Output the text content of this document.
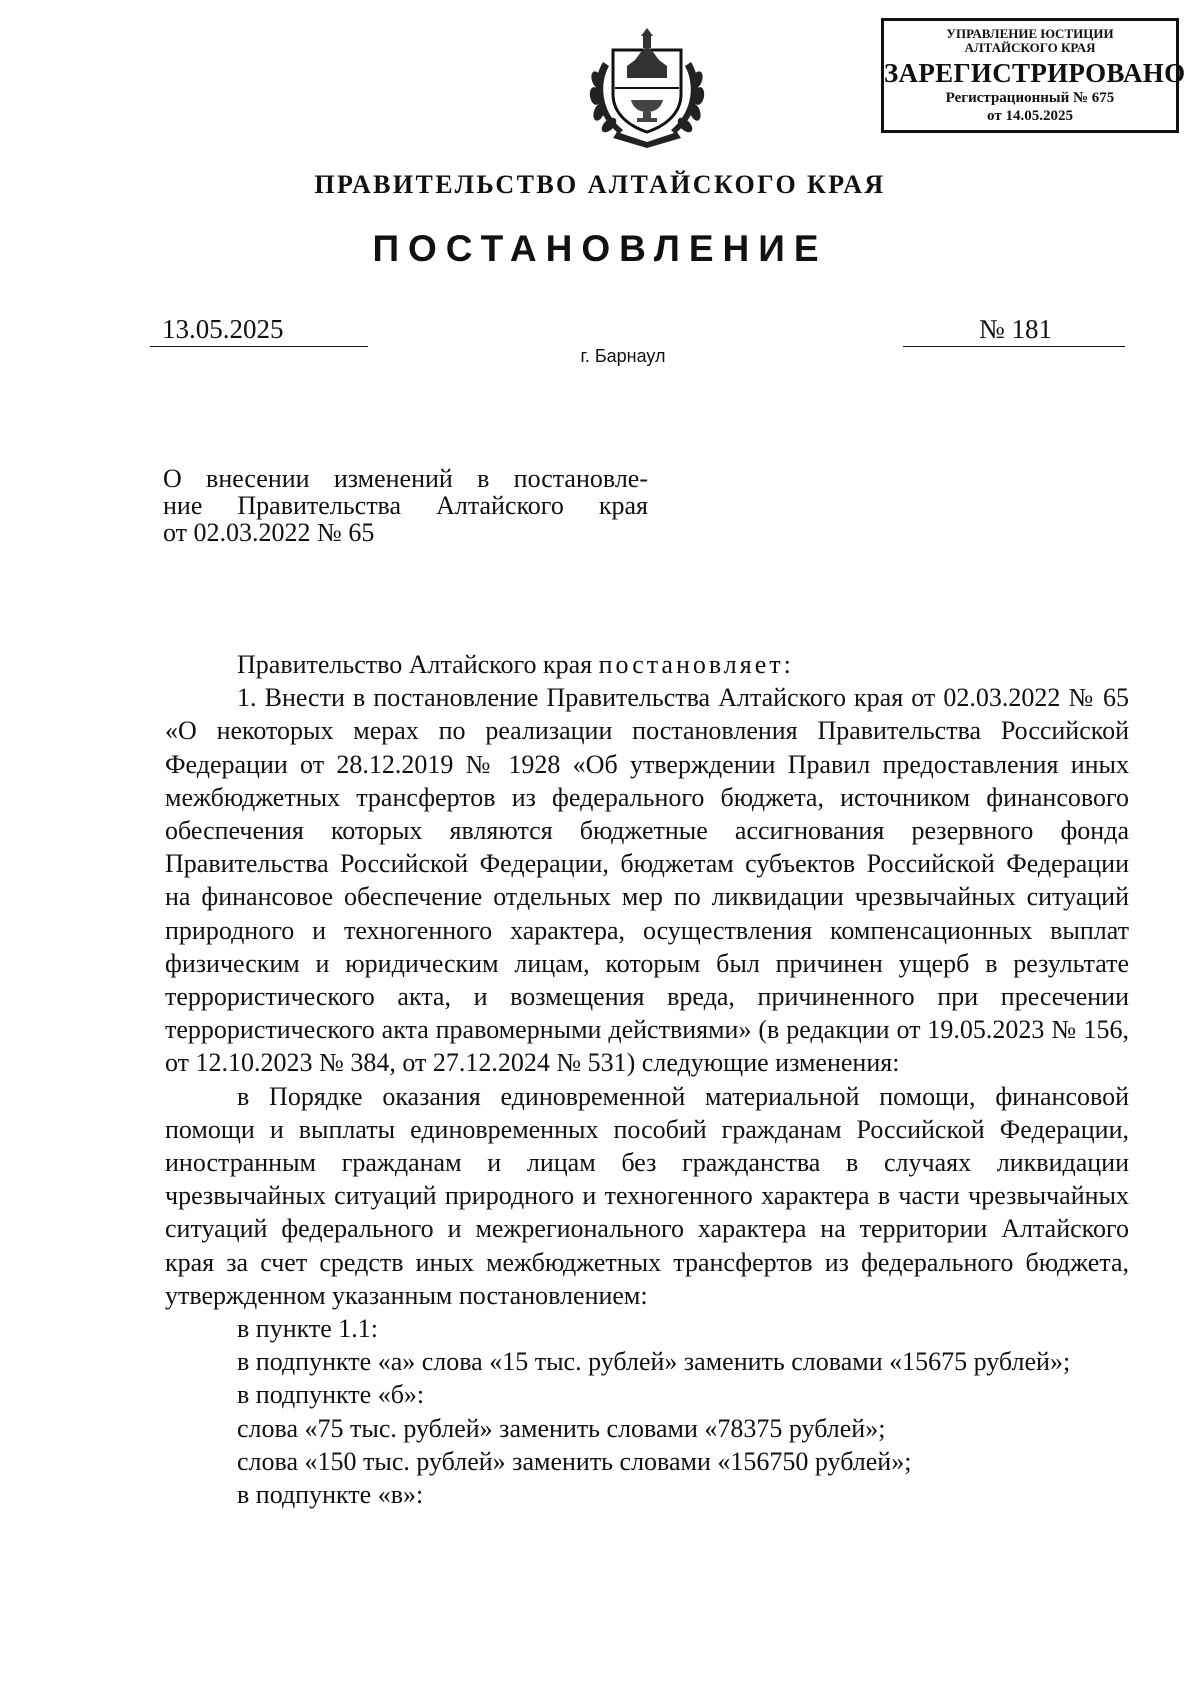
УПРАВЛЕНИЕ ЮСТИЦИИ
АЛТАЙСКОГО КРАЯ
ЗАРЕГИСТРИРОВАНО
Регистрационный № 675
от 14.05.2025
ПРАВИТЕЛЬСТВО АЛТАЙСКОГО КРАЯ
ПОСТАНОВЛЕНИЕ
13.05.2025	№ 181
г. Барнаул
О внесении изменений в постановле-
ние Правительства Алтайского края
от 02.03.2022 № 65

Правительство Алтайского края постановляет:

1. Внести в постановление Правительства Алтайского края от 02.03.2022 № 65 «О некоторых мерах по реализации постановления Правительства Российской Федерации от 28.12.2019 № 1928 «Об утверждении Правил предоставления иных межбюджетных трансфертов из федерального бюджета, источником финансового обеспечения которых являются бюджетные ассигнования резервного фонда Правительства Российской Федерации, бюджетам субъектов Российской Федерации на финансовое обеспечение отдельных мер по ликвидации чрезвычайных ситуаций природного и техногенного характера, осуществления компенсационных выплат физическим и юридическим лицам, которым был причинен ущерб в результате террористического акта, и возмещения вреда, причиненного при пресечении террористического акта правомерными действиями» (в редакции от 19.05.2023 № 156, от 12.10.2023 № 384, от 27.12.2024 № 531) следующие изменения:

в Порядке оказания единовременной материальной помощи, финансовой помощи и выплаты единовременных пособий гражданам Российской Федерации, иностранным гражданам и лицам без гражданства в случаях ликвидации чрезвычайных ситуаций природного и техногенного характера в части чрезвычайных ситуаций федерального и межрегионального характера на территории Алтайского края за счет средств иных межбюджетных трансфертов из федерального бюджета, утвержденном указанным постановлением:

в пункте 1.1:

в подпункте «а» слова «15 тыс. рублей» заменить словами «15675 рублей»;

в подпункте «б»:

слова «75 тыс. рублей» заменить словами «78375 рублей»;

слова «150 тыс. рублей» заменить словами «156750 рублей»;

в подпункте «в»:
